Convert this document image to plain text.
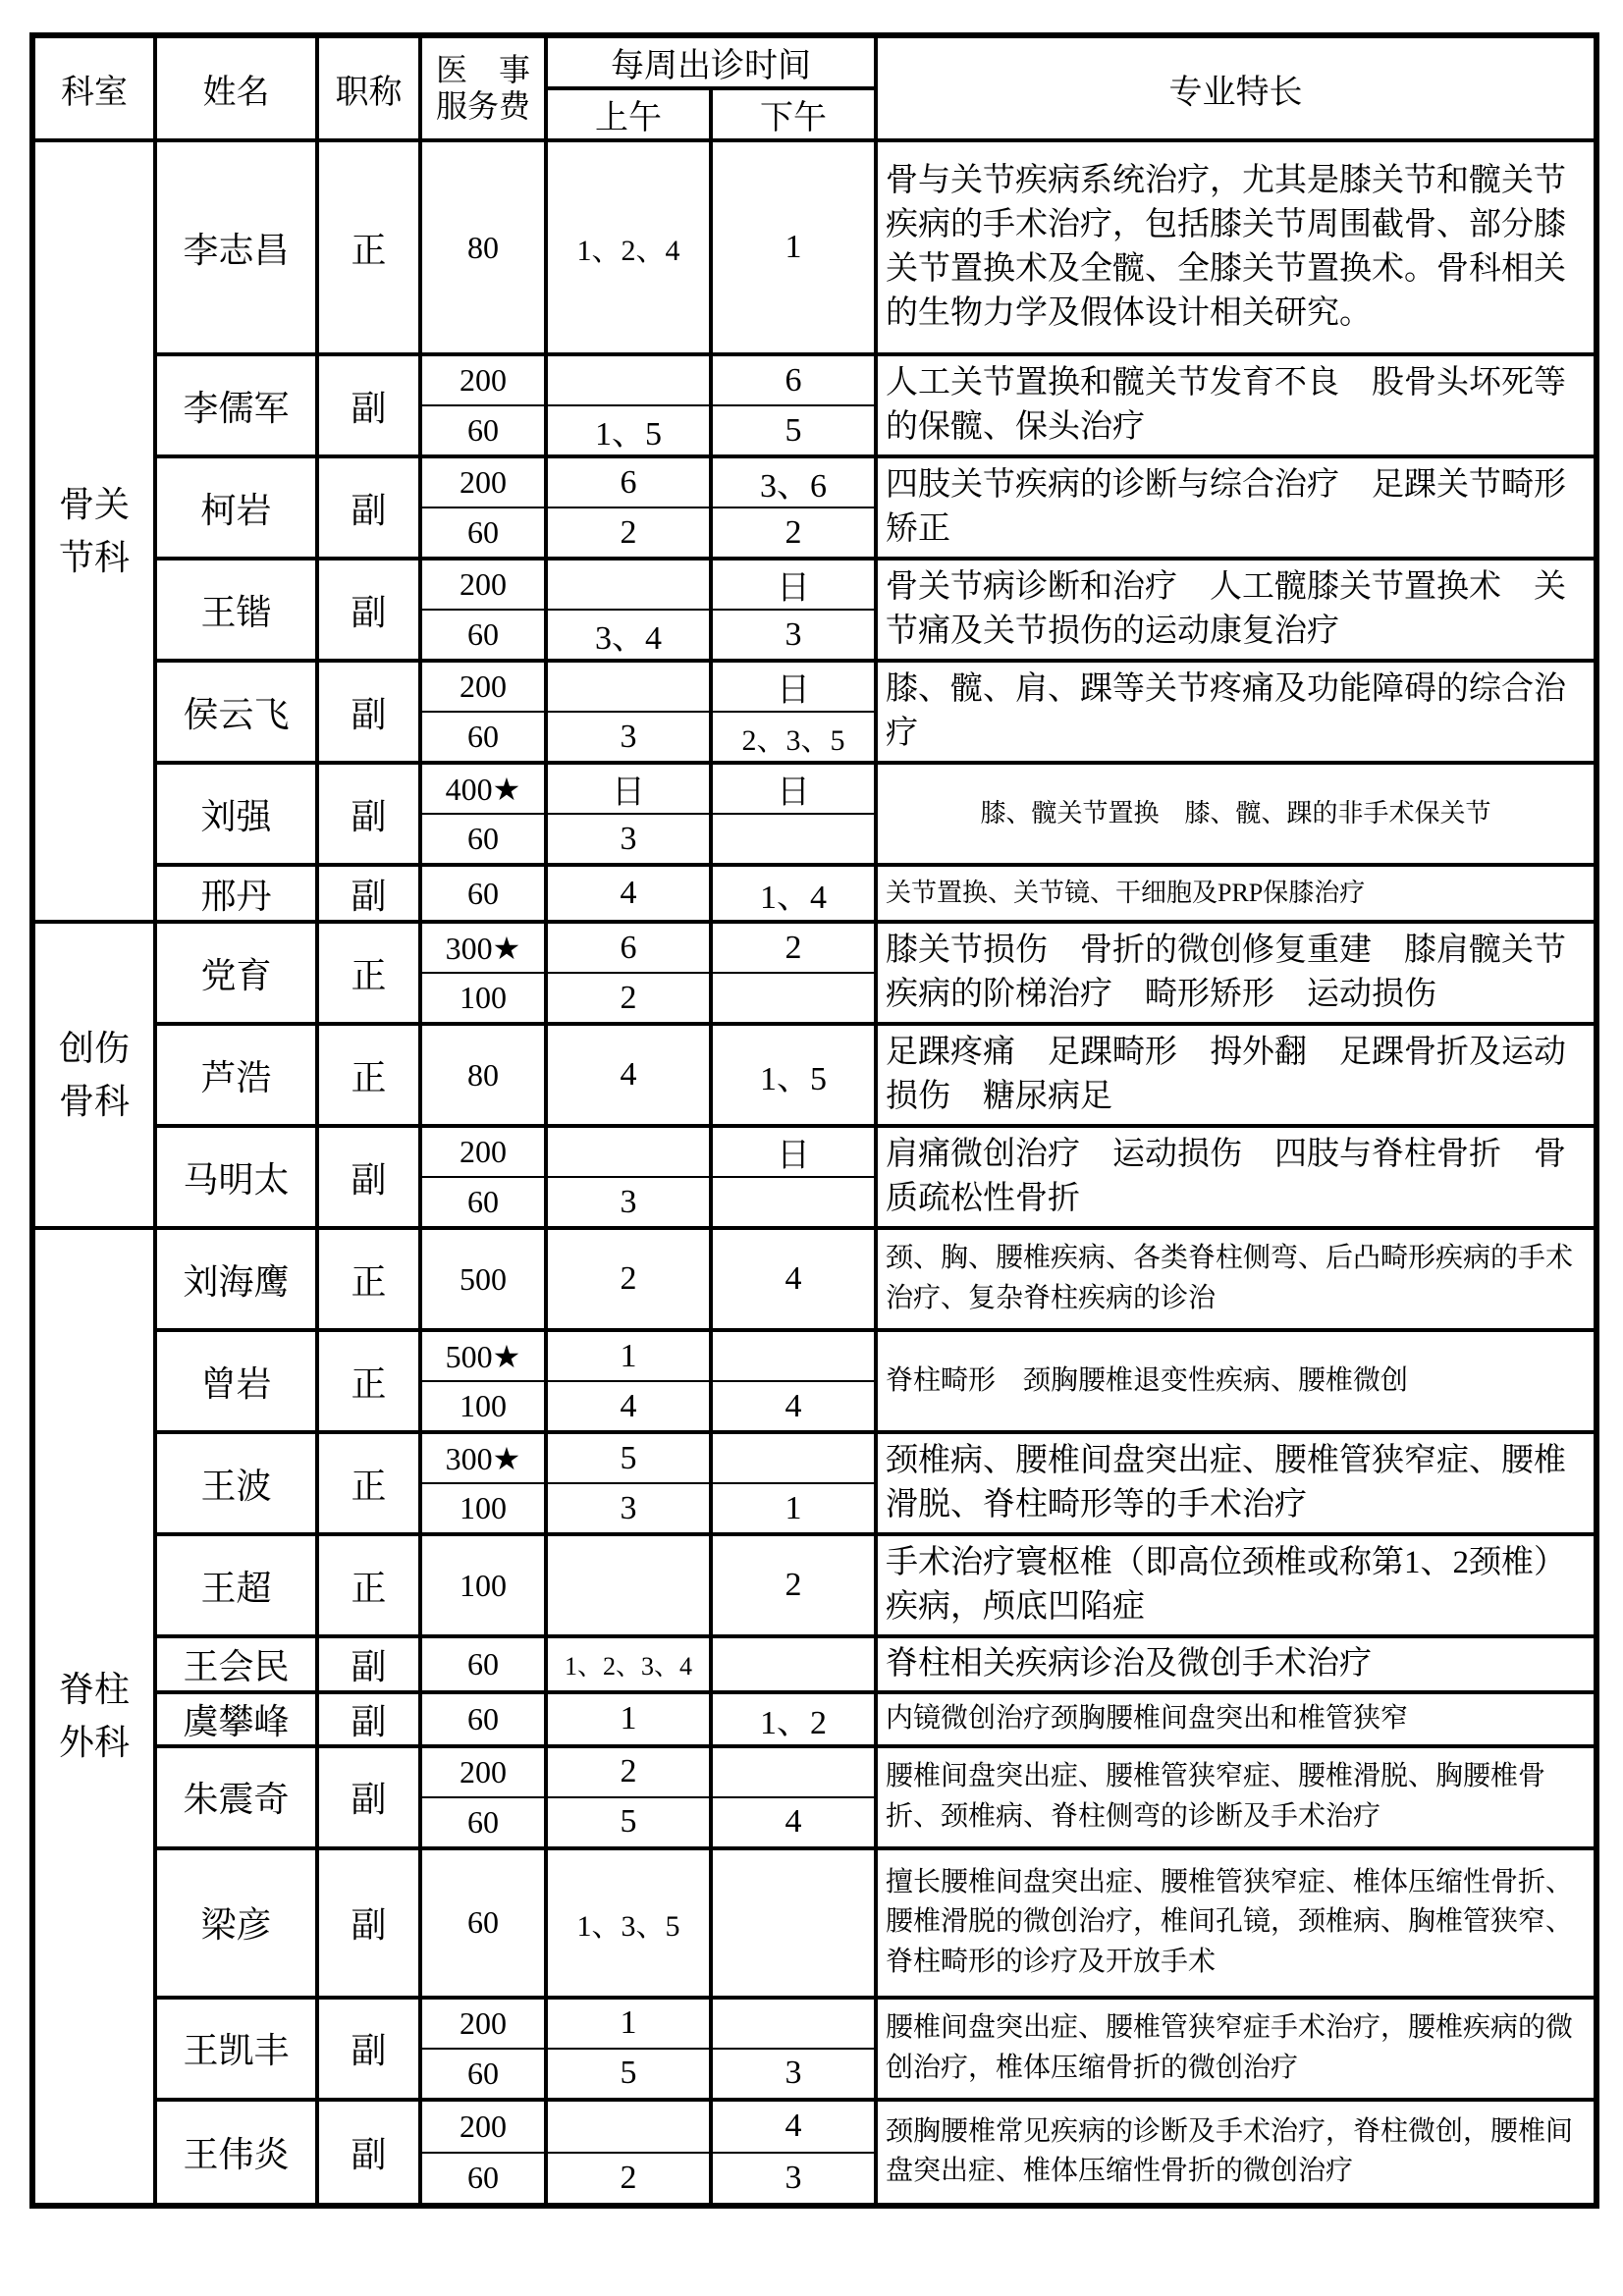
科室	姓名	职称	医　事
服务费	每周出诊时间		专业特长
				上午	下午	
骨关
节科	李志昌	正	80	1、2、4	1	骨与关节疾病系统治疗，尤其是膝关节和髋关节疾病的手术治疗，包括膝关节周围截骨、部分膝关节置换术及全髋、全膝关节置换术。骨科相关的生物力学及假体设计相关研究。
	李儒军	副	200		6	人工关节置换和髋关节发育不良　股骨头坏死等的保髋、保头治疗
			60	1、5	5	
	柯岩	副	200	6	3、6	四肢关节疾病的诊断与综合治疗　足踝关节畸形矫正
			60	2	2	
	王锴	副	200		日	骨关节病诊断和治疗　人工髋膝关节置换术　关节痛及关节损伤的运动康复治疗
			60	3、4	3	
	侯云飞	副	200		日	膝、髋、肩、踝等关节疼痛及功能障碍的综合治疗
			60	3	2、3、5	
	刘强	副	400★	日	日	膝、髋关节置换　膝、髋、踝的非手术保关节
			60	3		
	邢丹	副	60	4	1、4	关节置换、关节镜、干细胞及PRP保膝治疗
创伤
骨科	党育	正	300★	6	2	膝关节损伤　骨折的微创修复重建　膝肩髋关节疾病的阶梯治疗　畸形矫形　运动损伤
			100	2		
	芦浩	正	80	4	1、5	足踝疼痛　足踝畸形　拇外翻　足踝骨折及运动损伤　糖尿病足
	马明太	副	200		日	肩痛微创治疗　运动损伤　四肢与脊柱骨折　骨质疏松性骨折
			60	3		
脊柱
外科	刘海鹰	正	500	2	4	颈、胸、腰椎疾病、各类脊柱侧弯、后凸畸形疾病的手术治疗、复杂脊柱疾病的诊治
	曾岩	正	500★	1		脊柱畸形　颈胸腰椎退变性疾病、腰椎微创
			100	4	4	
	王波	正	300★	5		颈椎病、腰椎间盘突出症、腰椎管狭窄症、腰椎滑脱、脊柱畸形等的手术治疗
			100	3	1	
	王超	正	100		2	手术治疗寰枢椎（即高位颈椎或称第1、2颈椎）疾病，颅底凹陷症
	王会民	副	60	1、2、3、4		脊柱相关疾病诊治及微创手术治疗
	虞攀峰	副	60	1	1、2	内镜微创治疗颈胸腰椎间盘突出和椎管狭窄
	朱震奇	副	200	2		腰椎间盘突出症、腰椎管狭窄症、腰椎滑脱、胸腰椎骨折、颈椎病、脊柱侧弯的诊断及手术治疗
			60	5	4	
	梁彦	副	60	1、3、5		擅长腰椎间盘突出症、腰椎管狭窄症、椎体压缩性骨折、腰椎滑脱的微创治疗，椎间孔镜，颈椎病、胸椎管狭窄、脊柱畸形的诊疗及开放手术
	王凯丰	副	200	1		腰椎间盘突出症、腰椎管狭窄症手术治疗，腰椎疾病的微创治疗，椎体压缩骨折的微创治疗
			60	5	3	
	王伟炎	副	200		4	颈胸腰椎常见疾病的诊断及手术治疗，脊柱微创，腰椎间盘突出症、椎体压缩性骨折的微创治疗
			60	2	3	
